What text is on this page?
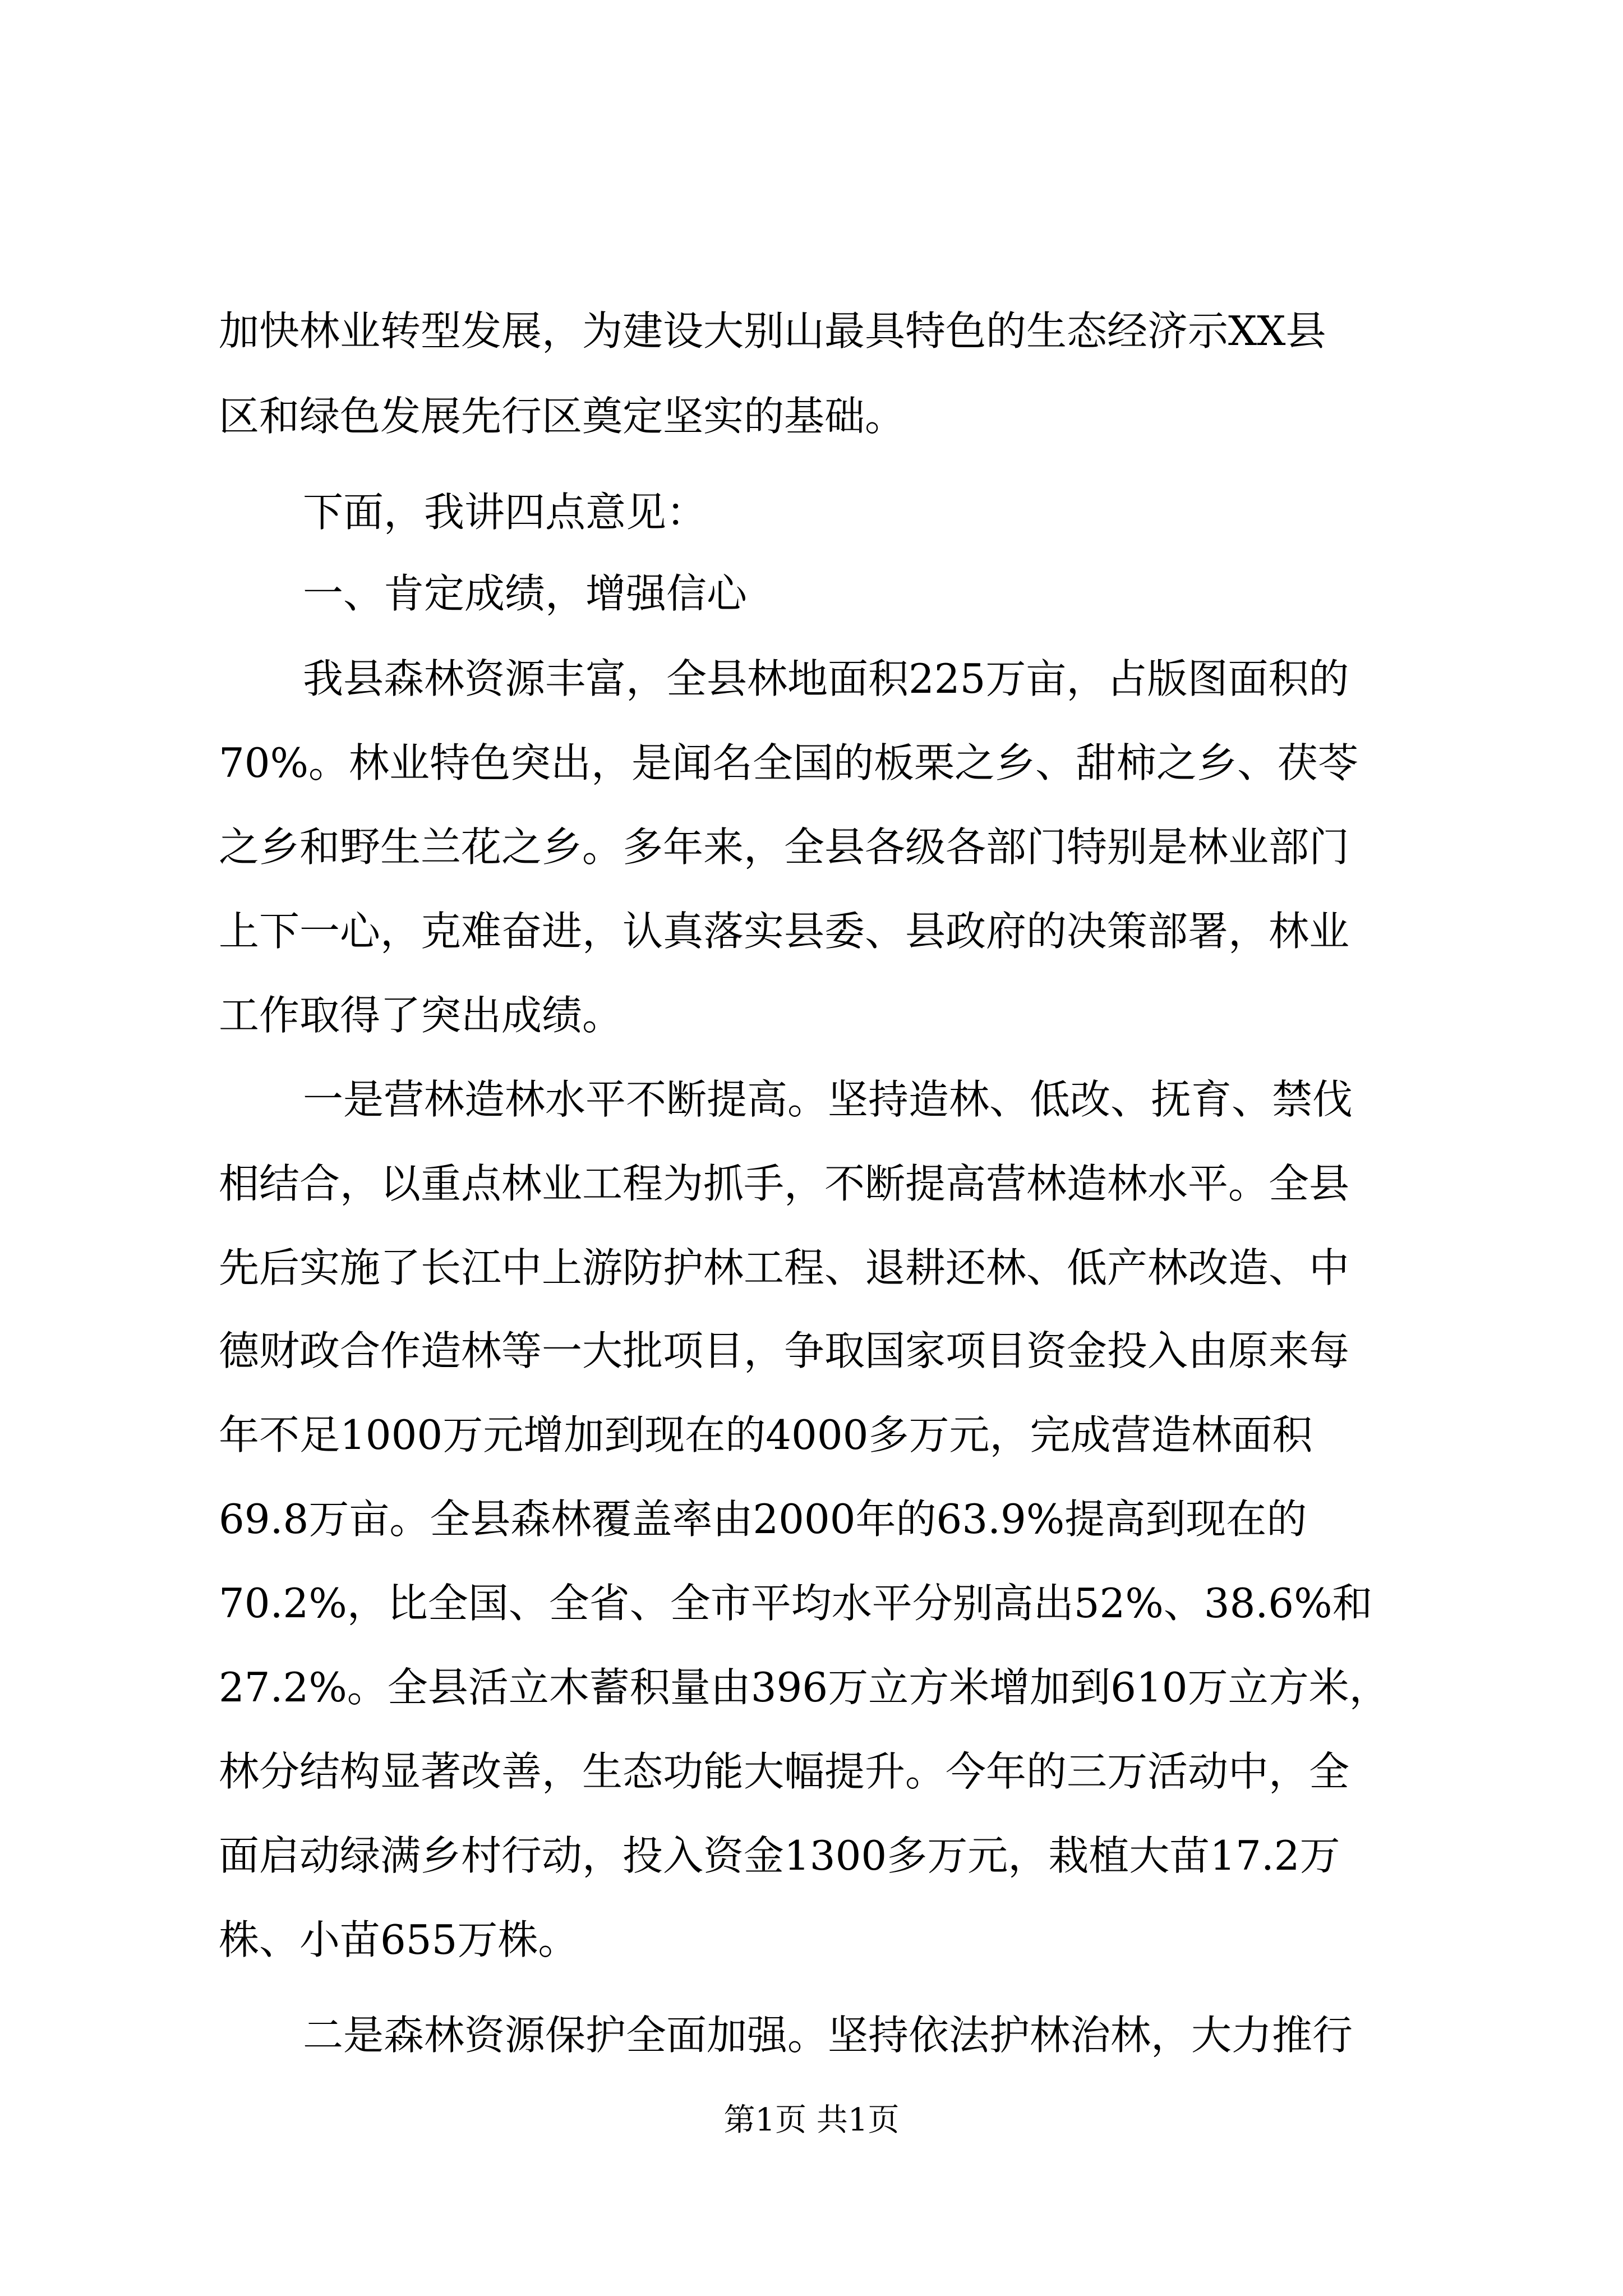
加快林业转型发展，为建设大别山最具特色的生态经济示XX县
区和绿色发展先行区奠定坚实的基础。
下面，我讲四点意见：
一、肯定成绩，增强信心
我县森林资源丰富，全县林地面积225万亩，占版图面积的
70%。林业特色突出，是闻名全国的板栗之乡、甜柿之乡、茯苓
之乡和野生兰花之乡。多年来，全县各级各部门特别是林业部门
上下一心，克难奋进，认真落实县委、县政府的决策部署，林业
工作取得了突出成绩。
一是营林造林水平不断提高。坚持造林、低改、抚育、禁伐
相结合，以重点林业工程为抓手，不断提高营林造林水平。全县
先后实施了长江中上游防护林工程、退耕还林、低产林改造、中
德财政合作造林等一大批项目，争取国家项目资金投入由原来每
年不足1000万元增加到现在的4000多万元，完成营造林面积
69.8万亩。全县森林覆盖率由2000年的63.9%提高到现在的
70.2%，比全国、全省、全市平均水平分别高出52%、38.6%和
27.2%。全县活立木蓄积量由396万立方米增加到610万立方米，
林分结构显著改善，生态功能大幅提升。今年的三万活动中，全
面启动绿满乡村行动，投入资金1300多万元，栽植大苗17.2万
株、小苗655万株。
二是森林资源保护全面加强。坚持依法护林治林，大力推行
第1页 共1页
